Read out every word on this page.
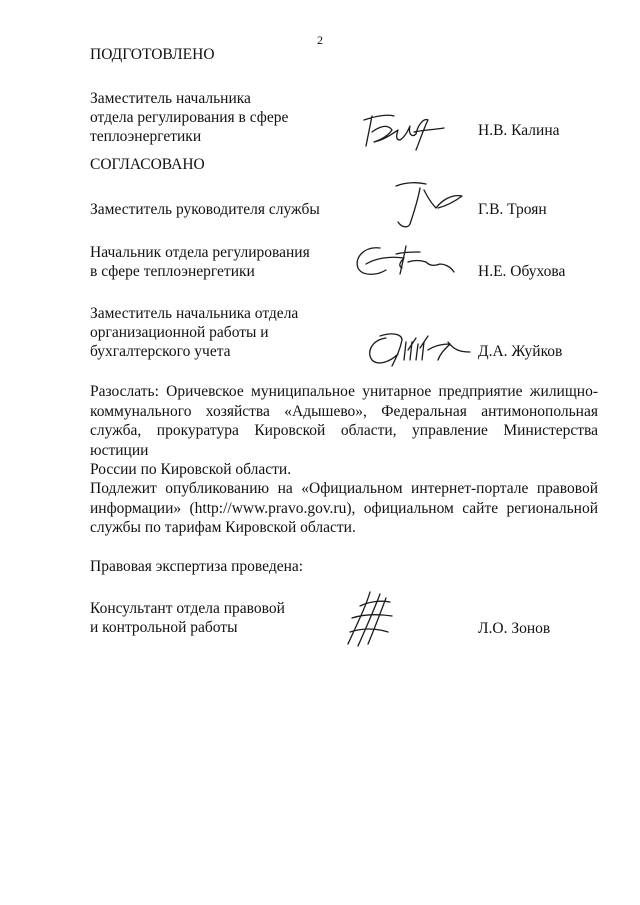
2
ПОДГОТОВЛЕНО
Заместитель начальника
отдела регулирования в сфере
теплоэнергетики	Н.В. Калина
СОГЛАСОВАНО
Заместитель руководителя службы	Г.В. Троян
Начальник отдела регулирования
в сфере теплоэнергетики	Н.Е. Обухова
Заместитель начальника отдела
организационной работы и
бухгалтерского учета	Д.А. Жуйков
Разослать: Оричевское муниципальное унитарное предприятие жилищно-
коммунального хозяйства «Адышево», Федеральная антимонопольная
служба, прокуратура Кировской области, управление Министерства юстиции
России по Кировской области.
Подлежит опубликованию на «Официальном интернет-портале правовой
информации» (http://www.pravo.gov.ru), официальном сайте региональной
службы по тарифам Кировской области.
Правовая экспертиза проведена:
Консультант отдела правовой
и контрольной работы	Л.О. Зонов
